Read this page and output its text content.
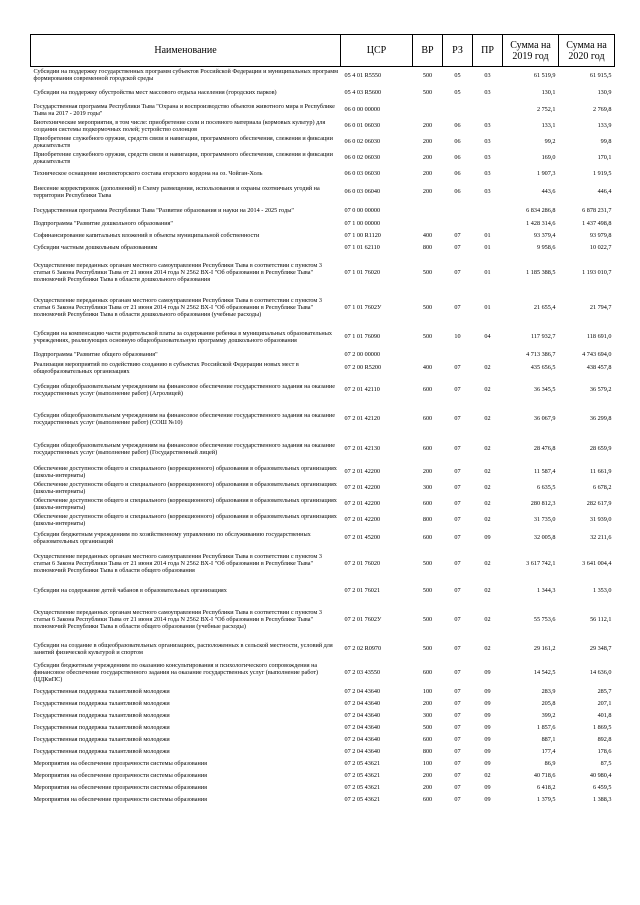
Наименование	ЦСР	ВР	РЗ	ПР	Сумма на 2019 год	Сумма на 2020 год
Субсидии на поддержку государственных программ субъектов Российской Федерации и муниципальных программ формирования современной городской среды	05 4 01 R5550	500	05	03	61 519,9	61 915,5
Субсидии на поддержку обустройства мест массового отдыха населения (городских парков)	05 4 03 R5600	500	05	03	130,1	130,9
Государственная программа Республики Тыва "Охрана и воспроизводство объектов животного мира в Республике Тыва на 2017 - 2019 годы"	06 0 00 00000				2 752,1	2 769,8
Биотехнические мероприятия, в том числе: приобретение соли и посевного материала (кормовых культур) для создания системы подкормочных полей; устройство солонцов	06 0 01 06030	200	06	03	133,1	133,9
Приобретение служебного оружия, средств связи и навигации, программного обеспечения, слежения и фиксации доказательств	06 0 02 06030	200	06	03	99,2	99,8
Приобретение служебного оружия, средств связи и навигации, программного обеспечения, слежения и фиксации доказательств	06 0 02 06030	200	06	03	169,0	170,1
Техническое оснащение инспекторского состава егерского кордона на оз. Чойган-Холь	06 0 03 06030	200	06	03	1 907,3	1 919,5
Внесение корректировок (дополнений) в Схему размещения, использования и охраны охотничьих угодий на территории Республики Тыва	06 0 03 06040	200	06	03	443,6	446,4
Государственная программа Республики Тыва "Развитие образования и науки на 2014 - 2025 годы"	07 0 00 00000				6 834 286,8	6 878 231,7
Подпрограмма "Развитие дошкольного образования"	07 1 00 00000				1 428 314,6	1 437 498,8
Софинансирование капитальных вложений в объекты муниципальной собственности	07 1 00 R1120	400	07	01	93 379,4	93 979,8
Субсидии частным дошкольным образованиям	07 1 01 62110	800	07	01	9 958,6	10 022,7
Осуществление переданных органам местного самоуправления Республики Тыва в соответствии с пунктом 3 статьи 6 Закона Республики Тыва от 21 июня 2014 года N 2562 ВХ-I "Об образовании в Республике Тыва" полномочий Республики Тыва в области дошкольного образования	07 1 01 76020	500	07	01	1 185 388,5	1 193 010,7
Осуществление переданных органам местного самоуправления Республики Тыва в соответствии с пунктом 3 статьи 6 Закона Республики Тыва от 21 июня 2014 года N 2562 ВХ-I "Об образовании в Республике Тыва" полномочий Республики Тыва в области дошкольного образования (учебные расходы)	07 1 01 7602У	500	07	01	21 655,4	21 794,7
Субсидии на компенсацию части родительской платы за содержание ребенка в муниципальных образовательных учреждениях, реализующих основную общеобразовательную программу дошкольного образования	07 1 01 76090	500	10	04	117 932,7	118 691,0
Подпрограмма "Развитие общего образования"	07 2 00 00000				4 713 386,7	4 743 694,0
Реализация мероприятий по содействию созданию в субъектах Российской Федерации новых мест в общеобразовательных организациях	07 2 00 R5200	400	07	02	435 656,5	438 457,8
Субсидии общеобразовательным учреждениям на финансовое обеспечение государственного задания на оказание государственных услуг (выполнение работ) (Агролицей)	07 2 01 42110	600	07	02	36 345,5	36 579,2
Субсидии общеобразовательным учреждениям на финансовое обеспечение государственного задания на оказание государственных услуг (выполнение работ) (СОШ №10)	07 2 01 42120	600	07	02	36 067,9	36 299,8
Субсидии общеобразовательным учреждениям на финансовое обеспечение государственного задания на оказание государственных услуг (выполнение работ) (Государственный лицей)	07 2 01 42130	600	07	02	28 476,8	28 659,9
Обеспечение доступности общего и специального (коррекционного) образования в образовательных организациях (школы-интернаты)	07 2 01 42200	200	07	02	11 587,4	11 661,9
Обеспечение доступности общего и специального (коррекционного) образования в образовательных организациях (школы-интернаты)	07 2 01 42200	300	07	02	6 635,5	6 678,2
Обеспечение доступности общего и специального (коррекционного) образования в образовательных организациях (школы-интернаты)	07 2 01 42200	600	07	02	280 812,3	282 617,9
Обеспечение доступности общего и специального (коррекционного) образования в образовательных организациях (школы-интернаты)	07 2 01 42200	800	07	02	31 735,0	31 939,0
Субсидии бюджетным учреждениям по хозяйственному управлению по обслуживанию государственных образовательных организаций	07 2 01 45200	600	07	09	32 005,8	32 211,6
Осуществление переданных органам местного самоуправления Республики Тыва в соответствии с пунктом 3 статьи 6 Закона Республики Тыва от 21 июня 2014 года N 2562 ВХ-I "Об образовании в Республике Тыва" полномочий Республики Тыва в области общего образования	07 2 01 76020	500	07	02	3 617 742,1	3 641 004,4
Субсидии на содержание детей чабанов в образовательных организациях	07 2 01 76021	500	07	02	1 344,3	1 353,0
Осуществление переданных органам местного самоуправления Республики Тыва в соответствии с пунктом 3 статьи 6 Закона Республики Тыва от 21 июня 2014 года N 2562 ВХ-I "Об образовании в Республике Тыва" полномочий Республики Тыва в области общего образования (учебные расходы)	07 2 01 7602У	500	07	02	55 753,6	56 112,1
Субсидии на создание в общеобразовательных организациях, расположенных в сельской местности, условий для занятий физической культурой и спортом	07 2 02 R0970	500	07	02	29 161,2	29 348,7
Субсидии бюджетным учреждениям по оказанию консультирования и психологического сопровождения на финансовое обеспечение государственного задания на оказание государственных услуг (выполнение работ) (ЦДКиПС)	07 2 03 43550	600	07	09	14 542,5	14 636,0
Государственная поддержка талантливой молодежи	07 2 04 43640	100	07	09	283,9	285,7
Государственная поддержка талантливой молодежи	07 2 04 43640	200	07	09	205,8	207,1
Государственная поддержка талантливой молодежи	07 2 04 43640	300	07	09	399,2	401,8
Государственная поддержка талантливой молодежи	07 2 04 43640	500	07	09	1 857,6	1 869,5
Государственная поддержка талантливой молодежи	07 2 04 43640	600	07	09	887,1	892,8
Государственная поддержка талантливой молодежи	07 2 04 43640	800	07	09	177,4	178,6
Мероприятия на обеспечение прозрачности системы образования	07 2 05 43621	100	07	09	86,9	87,5
Мероприятия на обеспечение прозрачности системы образования	07 2 05 43621	200	07	02	40 718,6	40 980,4
Мероприятия на обеспечение прозрачности системы образования	07 2 05 43621	200	07	09	6 418,2	6 459,5
Мероприятия на обеспечение прозрачности системы образования	07 2 05 43621	600	07	09	1 379,5	1 388,3
